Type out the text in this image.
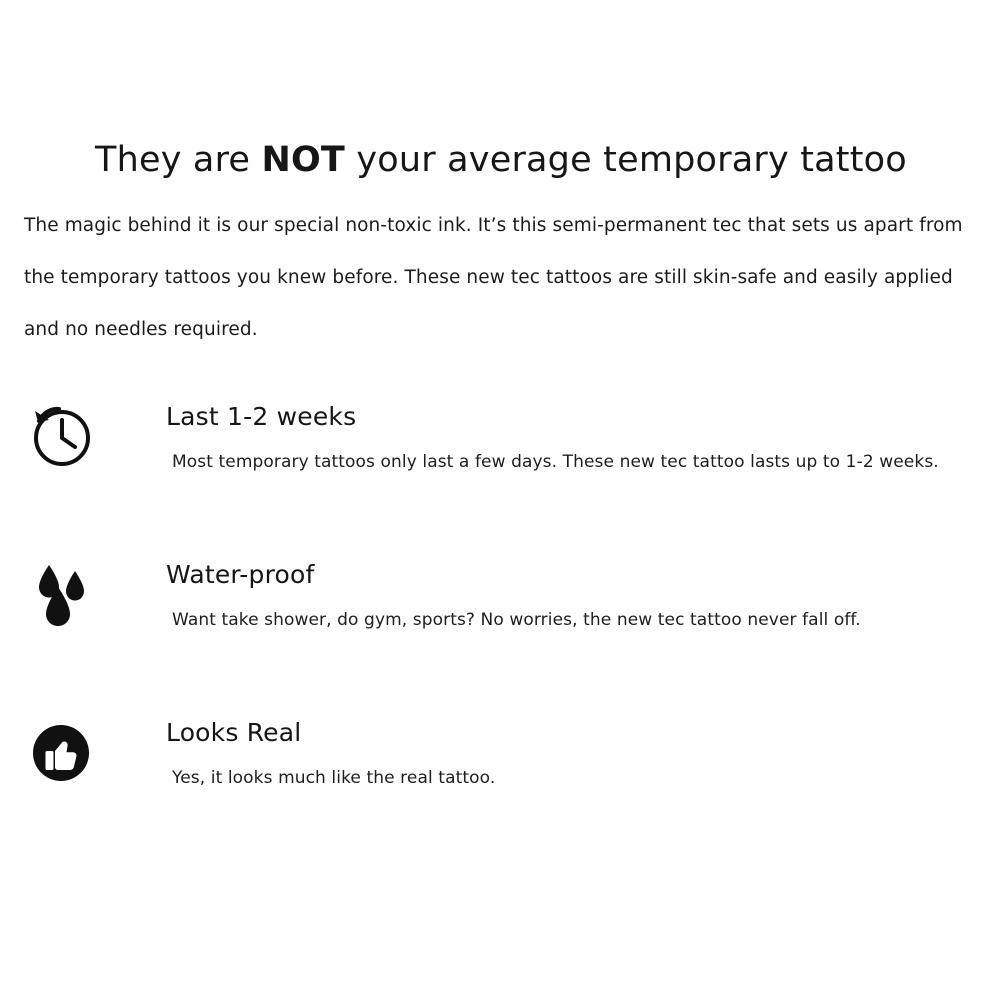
They are NOT your average temporary tattoo
The magic behind it is our special non-toxic ink. It’s this semi-permanent tec that sets us apart from the temporary tattoos you knew before. These new tec tattoos are still skin-safe and easily applied and no needles required.
Last 1-2 weeks
Most temporary tattoos only last a few days. These new tec tattoo lasts up to 1-2 weeks.
Water-proof
Want take shower, do gym, sports? No worries, the new tec tattoo never fall off.
Looks Real
Yes, it looks much like the real tattoo.
